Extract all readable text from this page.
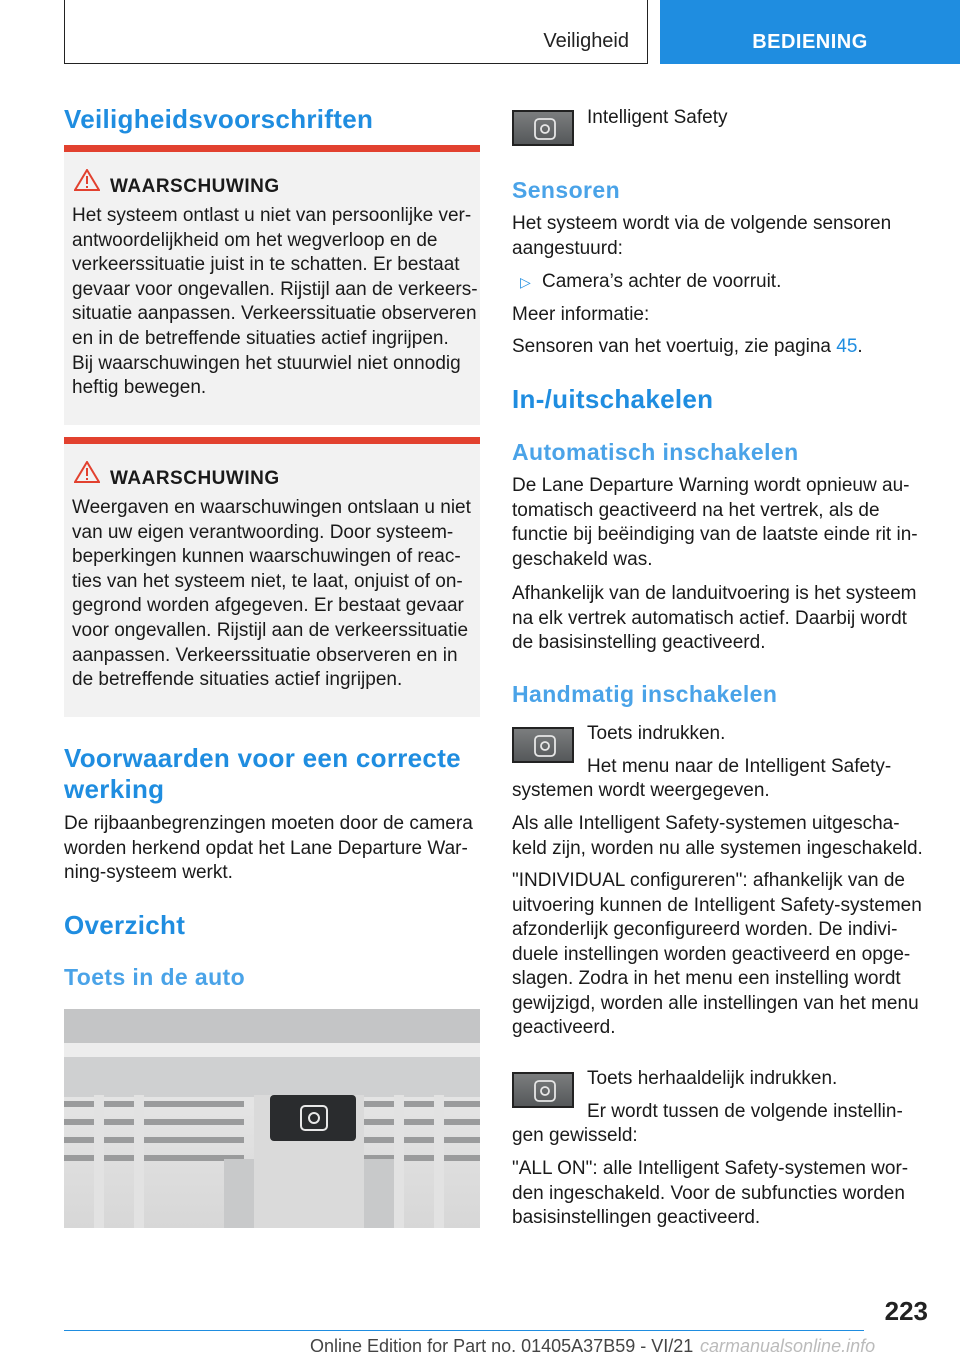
Veiligheid	BEDIENING
Veiligheidsvoorschriften
WAARSCHUWING

Het systeem ontlast u niet van persoonlijke ver-
antwoordelijkheid om het wegverloop en de
verkeerssituatie juist in te schatten. Er bestaat
gevaar voor ongevallen. Rijstijl aan de verkeers-
situatie aanpassen. Verkeerssituatie observeren
en in de betreffende situaties actief ingrijpen.
Bij waarschuwingen het stuurwiel niet onnodig
heftig bewegen.

WAARSCHUWING

Weergaven en waarschuwingen ontslaan u niet
van uw eigen verantwoording. Door systeem-
beperkingen kunnen waarschuwingen of reac-
ties van het systeem niet, te laat, onjuist of on-
gegrond worden afgegeven. Er bestaat gevaar
voor ongevallen. Rijstijl aan de verkeerssituatie
aanpassen. Verkeerssituatie observeren en in
de betreffende situaties actief ingrijpen.

Voorwaarden voor een correcte
werking

De rijbaanbegrenzingen moeten door de camera
worden herkend opdat het Lane Departure War-
ning-systeem werkt.

Overzicht
Toets in de auto

Intelligent Safety

Sensoren

Het systeem wordt via de volgende sensoren
aangestuurd:

▷ Camera’s achter de voorruit.

Meer informatie:

Sensoren van het voertuig, zie pagina 45.

In-/uitschakelen
Automatisch inschakelen

De Lane Departure Warning wordt opnieuw au-
tomatisch geactiveerd na het vertrek, als de
functie bij beëindiging van de laatste einde rit in-
geschakeld was.

Afhankelijk van de landuitvoering is het systeem
na elk vertrek automatisch actief. Daarbij wordt
de basisinstelling geactiveerd.

Handmatig inschakelen

Toets indrukken.

Het menu naar de Intelligent Safety-

systemen wordt weergegeven.

Als alle Intelligent Safety-systemen uitgescha-
keld zijn, worden nu alle systemen ingeschakeld.

"INDIVIDUAL configureren": afhankelijk van de
uitvoering kunnen de Intelligent Safety-systemen
afzonderlijk geconfigureerd worden. De indivi-
duele instellingen worden geactiveerd en opge-
slagen. Zodra in het menu een instelling wordt
gewijzigd, worden alle instellingen van het menu
geactiveerd.

Toets herhaaldelijk indrukken.

Er wordt tussen de volgende instellin-

gen gewisseld:

"ALL ON": alle Intelligent Safety-systemen wor-
den ingeschakeld. Voor de subfuncties worden
basisinstellingen geactiveerd.

223
Online Edition for Part no. 01405A37B59 - VI/21 carmanualsonline.info
